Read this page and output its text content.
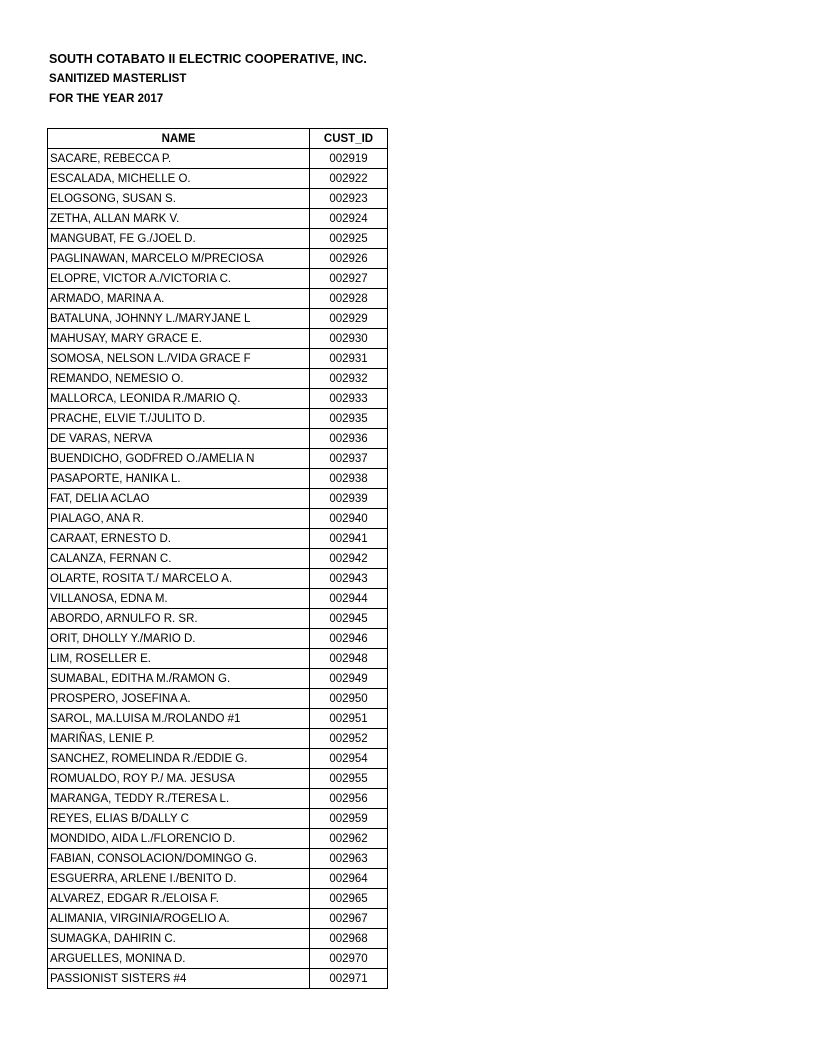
SOUTH COTABATO II ELECTRIC COOPERATIVE, INC.
SANITIZED MASTERLIST
FOR THE YEAR 2017
NAME	CUST_ID
SACARE, REBECCA P.	002919
ESCALADA, MICHELLE O.	002922
ELOGSONG, SUSAN S.	002923
ZETHA, ALLAN MARK V.	002924
MANGUBAT, FE G./JOEL D.	002925
PAGLINAWAN, MARCELO M/PRECIOSA	002926
ELOPRE, VICTOR A./VICTORIA C.	002927
ARMADO, MARINA A.	002928
BATALUNA, JOHNNY L./MARYJANE L	002929
MAHUSAY, MARY GRACE E.	002930
SOMOSA, NELSON L./VIDA GRACE F	002931
REMANDO, NEMESIO O.	002932
MALLORCA, LEONIDA R./MARIO Q.	002933
PRACHE, ELVIE T./JULITO D.	002935
DE VARAS, NERVA	002936
BUENDICHO, GODFRED O./AMELIA N	002937
PASAPORTE, HANIKA L.	002938
FAT, DELIA ACLAO	002939
PIALAGO, ANA R.	002940
CARAAT, ERNESTO D.	002941
CALANZA, FERNAN C.	002942
OLARTE, ROSITA T./ MARCELO A.	002943
VILLANOSA, EDNA M.	002944
ABORDO, ARNULFO R. SR.	002945
ORIT, DHOLLY Y./MARIO D.	002946
LIM, ROSELLER E.	002948
SUMABAL, EDITHA M./RAMON G.	002949
PROSPERO, JOSEFINA A.	002950
SAROL, MA.LUISA M./ROLANDO #1	002951
MARIÑAS, LENIE P.	002952
SANCHEZ, ROMELINDA R./EDDIE G.	002954
ROMUALDO, ROY P./ MA. JESUSA	002955
MARANGA, TEDDY R./TERESA L.	002956
REYES, ELIAS B/DALLY C	002959
MONDIDO, AIDA L./FLORENCIO D.	002962
FABIAN, CONSOLACION/DOMINGO G.	002963
ESGUERRA, ARLENE I./BENITO D.	002964
ALVAREZ, EDGAR R./ELOISA F.	002965
ALIMANIA, VIRGINIA/ROGELIO A.	002967
SUMAGKA, DAHIRIN C.	002968
ARGUELLES, MONINA D.	002970
PASSIONIST SISTERS #4	002971
